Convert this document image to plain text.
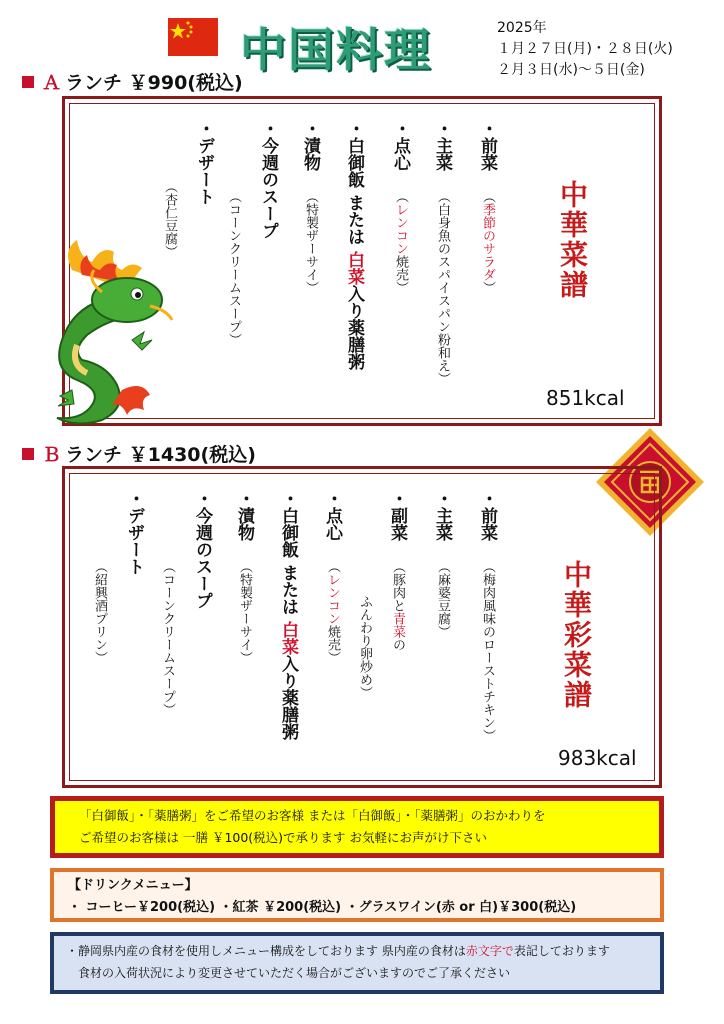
中国料理	2025年
１月２７日(月)・２８日(火)
２月３日(水)～５日(金)
Ａ ランチ ￥990(税込)
中華菜譜
・前菜
（季節のサラダ）
・主菜
（白身魚のスパイスパン粉和え）
・点心
（レンコン焼売）
・白御飯 または 白菜入り薬膳粥
・漬物
（特製ザーサイ）
・今週のスープ
（コーンクリームスープ）
・デザート
（杏仁豆腐）
851kcal
Ｂ ランチ ￥1430(税込)
中華彩菜譜
・前菜
（梅肉風味のローストチキン）
・主菜
（麻婆豆腐）
・副菜
（豚肉と青菜の
ふんわり卵炒め）
・点心
（レンコン焼売）
・白御飯 または 白菜入り薬膳粥
・漬物
（特製ザーサイ）
・今週のスープ
（コーンクリームスープ）
・デザート
（紹興酒プリン）
983kcal
「白御飯」・「薬膳粥」をご希望のお客様 または「白御飯」・「薬膳粥」のおかわりを
ご希望のお客様は 一膳 ￥100(税込)で承ります お気軽にお声がけ下さい
【ドリンクメニュー】
・ コーヒー￥200(税込) ・紅茶 ￥200(税込) ・グラスワイン(赤 or 白)￥300(税込)
・静岡県内産の食材を使用しメニュー構成をしております 県内産の食材は赤文字で表記しております
食材の入荷状況により変更させていただく場合がございますのでご了承ください
